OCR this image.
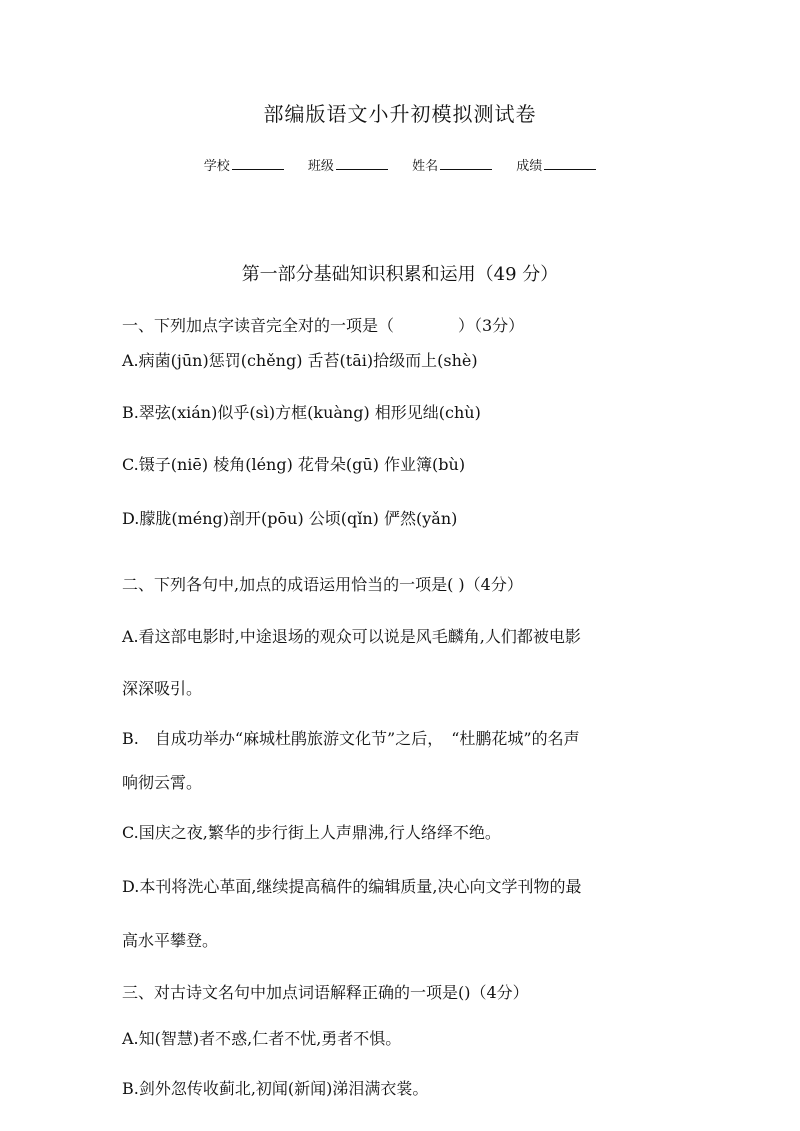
部编版语文小升初模拟测试卷
学校	班级	姓名	成绩
第一部分基础知识积累和运用（49 分）
一、下列加点字读音完全对的一项是（　　　　）（3分）
A.病菌(jūn)惩罚(chěng) 舌苔(tāi)拾级而上(shè)
B.翠弦(xián)似乎(sì)方框(kuàng) 相形见绌(chù)
C.镊子(niē) 棱角(léng) 花骨朵(gū) 作业簿(bù)
D.朦胧(méng)剖开(pōu) 公顷(qǐn) 俨然(yǎn)
二、下列各句中,加点的成语运用恰当的一项是( )（4分）
A.看这部电影时,中途退场的观众可以说是风毛麟角,人们都被电影
深深吸引。
B.　自成功举办“麻城杜鹃旅游文化节”之后，　“杜鹏花城”的名声
响彻云霄。
C.国庆之夜,繁华的步行街上人声鼎沸,行人络绎不绝。
D.本刊将洗心革面,继续提高稿件的编辑质量,决心向文学刊物的最
高水平攀登。
三、对古诗文名句中加点词语解释正确的一项是()（4分）
A.知(智慧)者不惑,仁者不忧,勇者不惧。
B.剑外忽传收蓟北,初闻(新闻)涕泪满衣裳。
